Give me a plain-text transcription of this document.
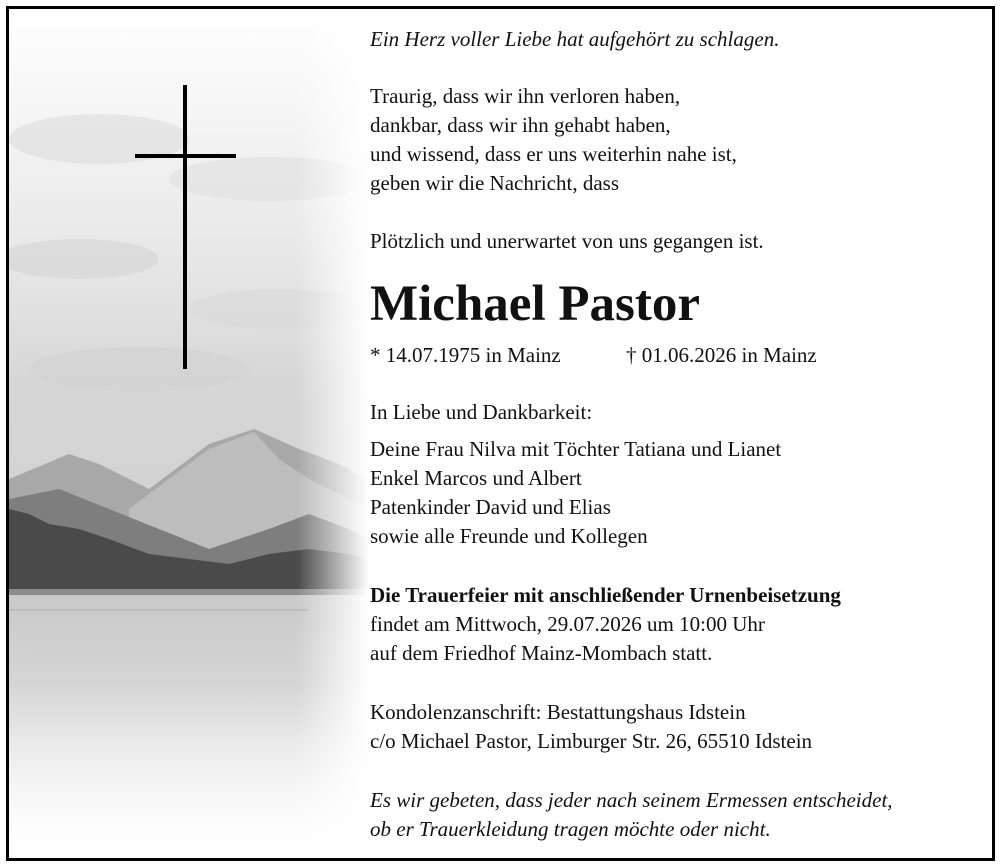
Ein Herz voller Liebe hat aufgehört zu schlagen.
Traurig, dass wir ihn verloren haben,
dankbar, dass wir ihn gehabt haben,
und wissend, dass er uns weiterhin nahe ist,
geben wir die Nachricht, dass
Plötzlich und unerwartet von uns gegangen ist.
Michael Pastor
* 14.07.1975 in Mainz	† 01.06.2026 in Mainz
In Liebe und Dankbarkeit:
Deine Frau Nilva mit Töchter Tatiana und Lianet
Enkel Marcos und Albert
Patenkinder David und Elias
sowie alle Freunde und Kollegen
Die Trauerfeier mit anschließender Urnenbeisetzung
findet am Mittwoch, 29.07.2026 um 10:00 Uhr
auf dem Friedhof Mainz-Mombach statt.
Kondolenzanschrift: Bestattungshaus Idstein
c/o Michael Pastor, Limburger Str. 26, 65510 Idstein
Es wir gebeten, dass jeder nach seinem Ermessen entscheidet,
ob er Trauerkleidung tragen möchte oder nicht.
